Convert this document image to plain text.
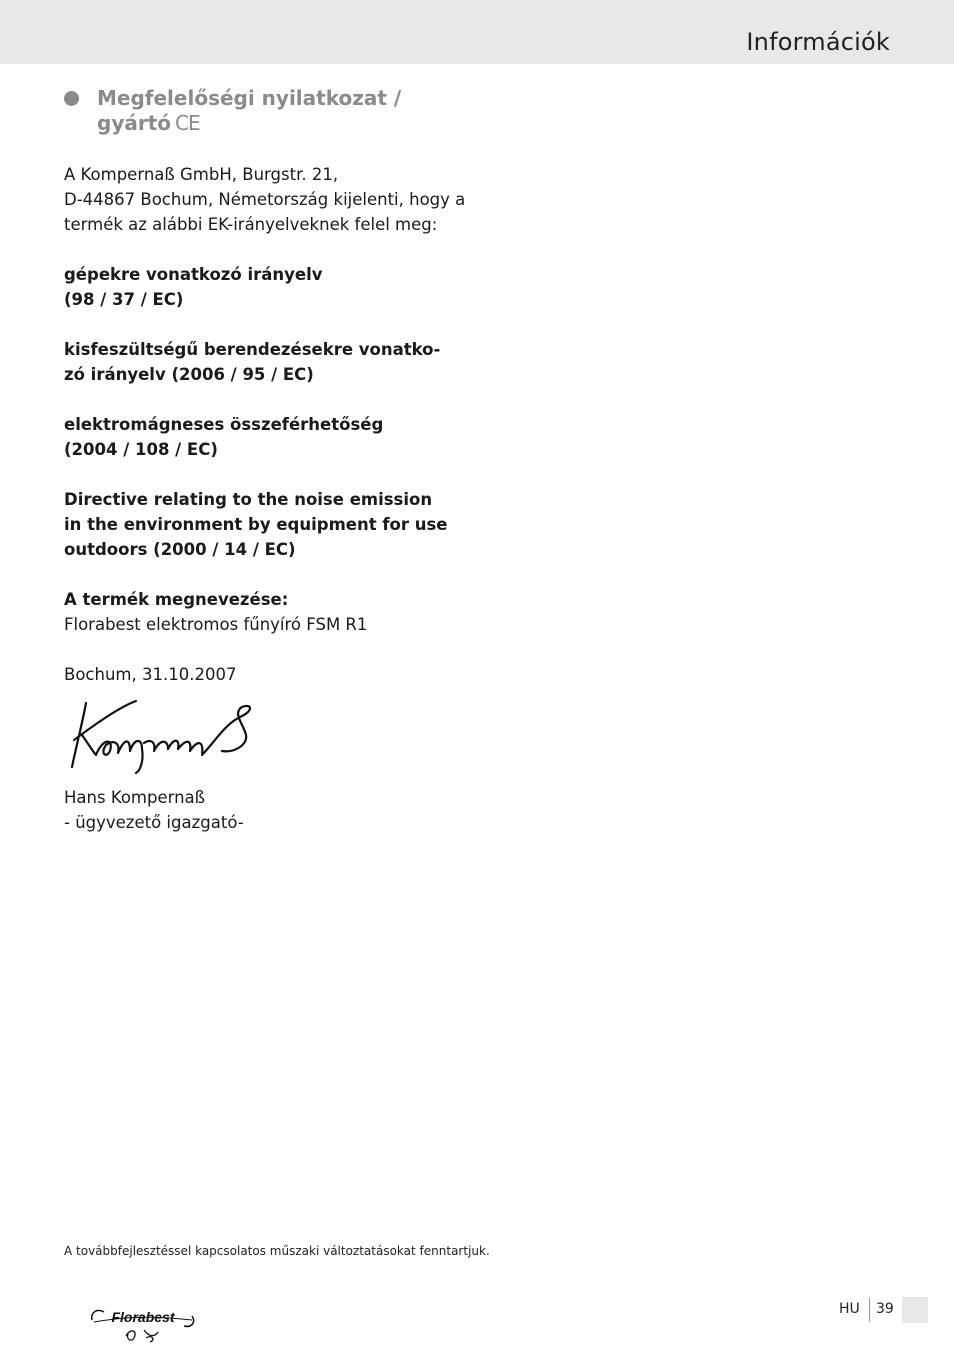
Információk
Megfelelőségi nyilatkozat /
gyártó CE

A Kompernaß GmbH, Burgstr. 21,

D-44867 Bochum, Németország kijelenti, hogy a

termék az alábbi EK-irányelveknek felel meg:

gépekre vonatkozó irányelv

(98 / 37 / EC)

kisfeszültségű berendezésekre vonatko-

zó irányelv (2006 / 95 / EC)

elektromágneses összeférhetőség

(2004 / 108 / EC)

Directive relating to the noise emission

in the environment by equipment for use

outdoors (2000 / 14 / EC)

A termék megnevezése:

Florabest elektromos fűnyíró FSM R1

Bochum, 31.10.2007

Hans Kompernaß

- ügyvezető igazgató-

A továbbfejlesztéssel kapcsolatos műszaki változtatásokat fenntartjuk.
Florabest	HU 39
